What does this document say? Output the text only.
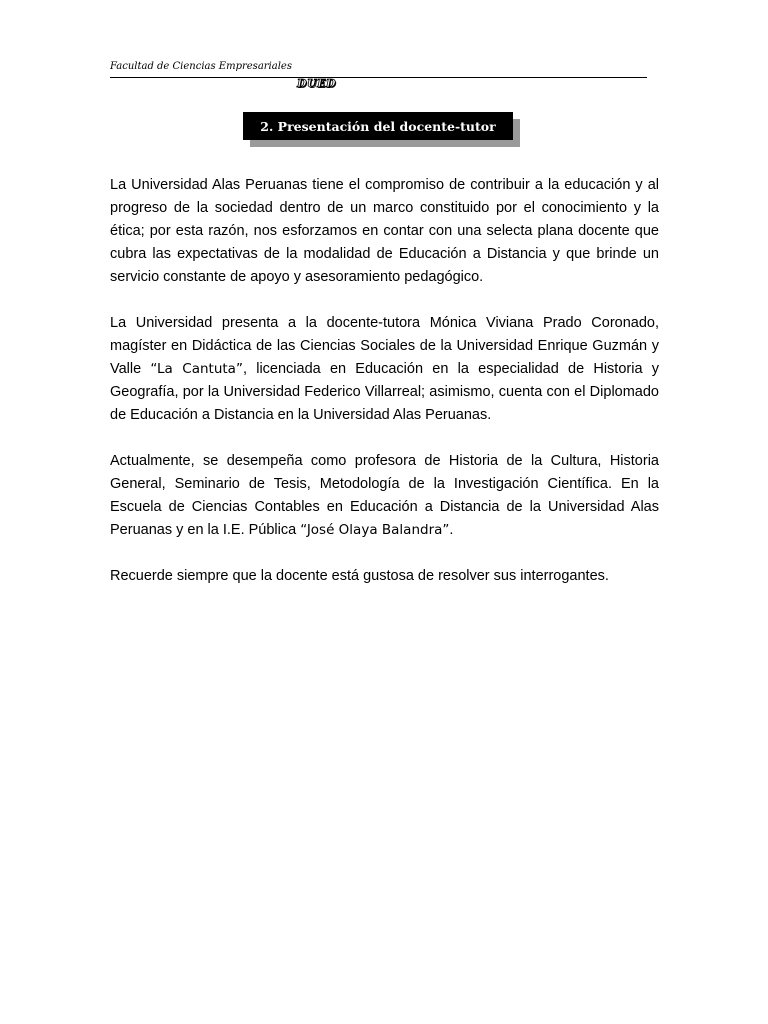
Facultad de Ciencias Empresariales
DUED
2. Presentación del docente-tutor

La Universidad Alas Peruanas tiene el compromiso de contribuir a la educación y al progreso de la sociedad dentro de un marco constituido por el conocimiento y la ética; por esta razón, nos esforzamos en contar con una selecta plana docente que cubra las expectativas de la modalidad de Educación a Distancia y que brinde un servicio constante de apoyo y asesoramiento pedagógico.

La Universidad presenta a la docente-tutora Mónica Viviana Prado Coronado, magíster en Didáctica de las Ciencias Sociales de la Universidad Enrique Guzmán y Valle “La Cantuta”, licenciada en Educación en la especialidad de Historia y Geografía, por la Universidad Federico Villarreal; asimismo, cuenta con el Diplomado de Educación a Distancia en la Universidad Alas Peruanas.

Actualmente, se desempeña como profesora de Historia de la Cultura, Historia General, Seminario de Tesis, Metodología de la Investigación Científica. En la Escuela de Ciencias Contables en Educación a Distancia de la Universidad Alas Peruanas y en la I.E. Pública “José Olaya Balandra”.

Recuerde siempre que la docente está gustosa de resolver sus interrogantes.
